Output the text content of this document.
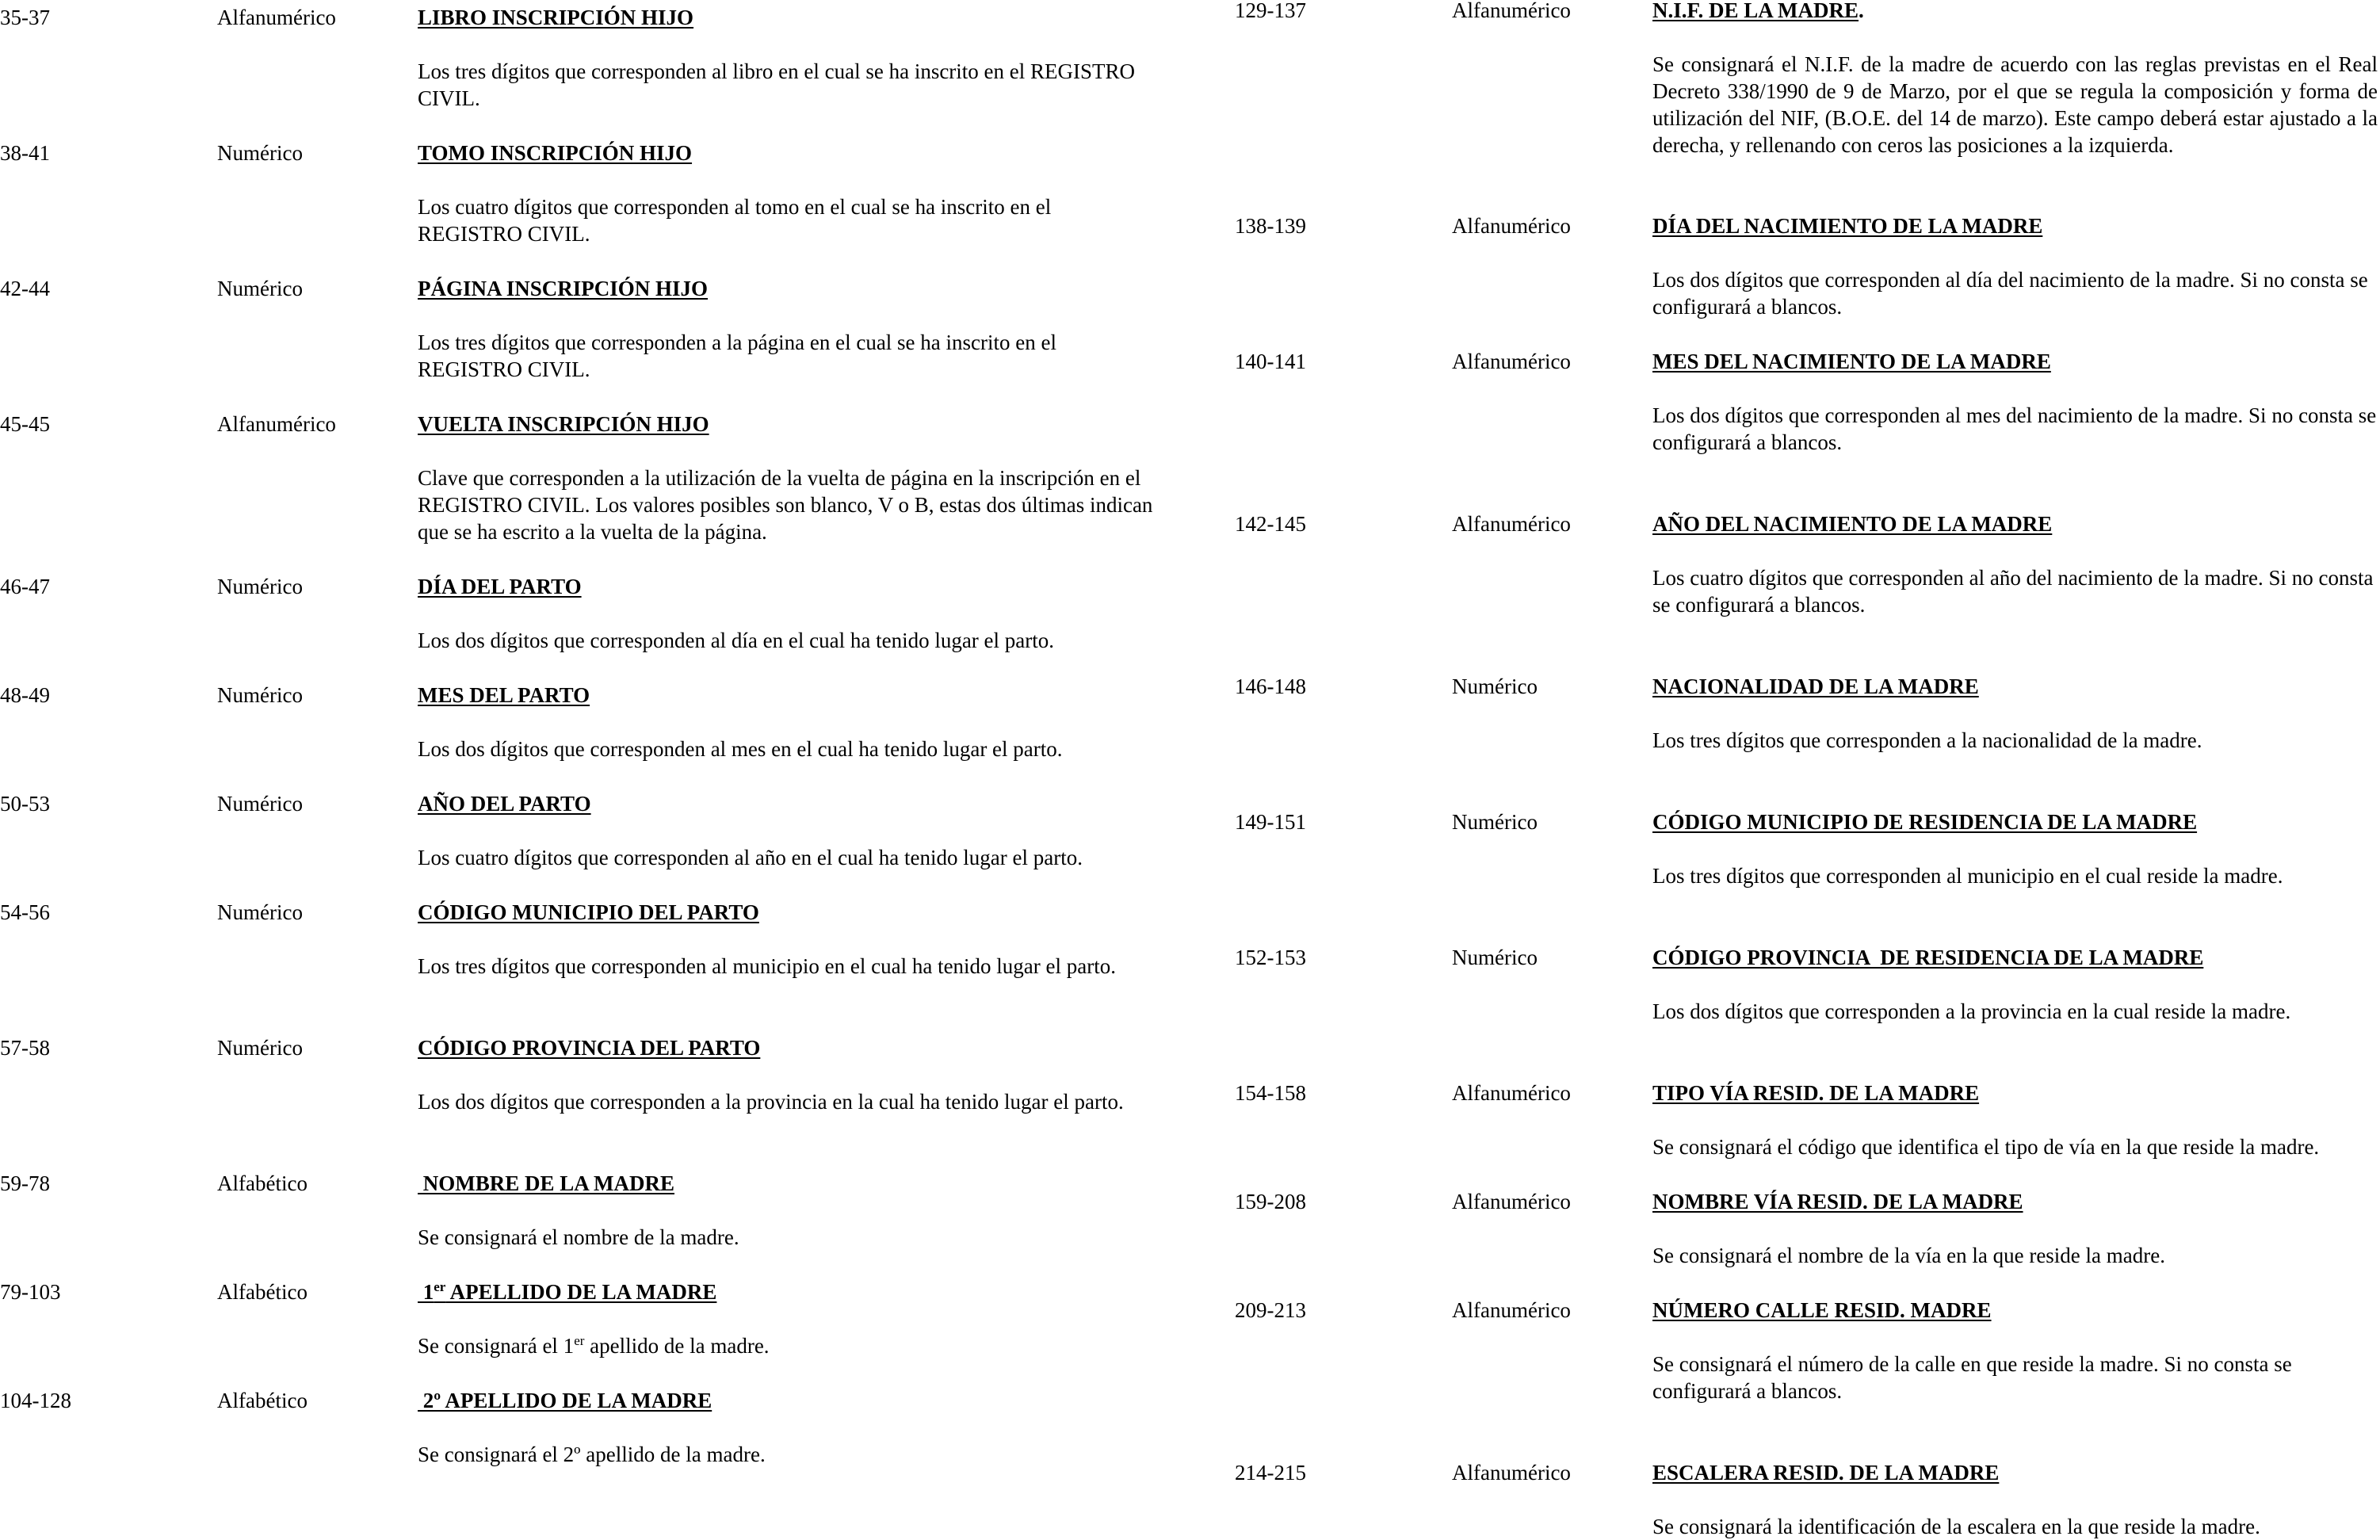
35-37	Alfanumérico	LIBRO INSCRIPCIÓN HIJO
Los tres dígitos que corresponden al libro en el cual se ha inscrito en el REGISTRO CIVIL.
38-41	Numérico	TOMO INSCRIPCIÓN HIJO
Los cuatro dígitos que corresponden al tomo en el cual se ha inscrito en el REGISTRO CIVIL.
42-44	Numérico	PÁGINA INSCRIPCIÓN HIJO
Los tres dígitos que corresponden a la página en el cual se ha inscrito en el REGISTRO CIVIL.
45-45	Alfanumérico	VUELTA INSCRIPCIÓN HIJO
Clave que corresponden a la utilización de la vuelta de página en la inscripción en el REGISTRO CIVIL. Los valores posibles son blanco, V o B, estas dos últimas indican que se ha escrito a la vuelta de la página.
46-47	Numérico	DÍA DEL PARTO
Los dos dígitos que corresponden al día en el cual ha tenido lugar el parto.
48-49	Numérico	MES DEL PARTO
Los dos dígitos que corresponden al mes en el cual ha tenido lugar el parto.
50-53	Numérico	AÑO DEL PARTO
Los cuatro dígitos que corresponden al año en el cual ha tenido lugar el parto.
54-56	Numérico	CÓDIGO MUNICIPIO DEL PARTO
Los tres dígitos que corresponden al municipio en el cual ha tenido lugar el parto.
57-58	Numérico	CÓDIGO PROVINCIA DEL PARTO
Los dos dígitos que corresponden a la provincia en la cual ha tenido lugar el parto.
59-78	Alfabético	NOMBRE DE LA MADRE
Se consignará el nombre de la madre.
79-103	Alfabético	1er APELLIDO DE LA MADRE
Se consignará el 1er apellido de la madre.
104-128	Alfabético	2º APELLIDO DE LA MADRE
Se consignará el 2º apellido de la madre.
129-137	Alfanumérico	N.I.F. DE LA MADRE.
Se consignará el N.I.F. de la madre de acuerdo con las reglas previstas en el Real Decreto 338/1990 de 9 de Marzo, por el que se regula la composición y forma de utilización del NIF, (B.O.E. del 14 de marzo). Este campo deberá estar ajustado a la derecha, y rellenando con ceros las posiciones a la izquierda.
138-139	Alfanumérico	DÍA DEL NACIMIENTO DE LA MADRE
Los dos dígitos que corresponden al día del nacimiento de la madre. Si no consta se configurará a blancos.
140-141	Alfanumérico	MES DEL NACIMIENTO DE LA MADRE
Los dos dígitos que corresponden al mes del nacimiento de la madre. Si no consta se configurará a blancos.
142-145	Alfanumérico	AÑO DEL NACIMIENTO DE LA MADRE
Los cuatro dígitos que corresponden al año del nacimiento de la madre. Si no consta se configurará a blancos.
146-148	Numérico	NACIONALIDAD DE LA MADRE
Los tres dígitos que corresponden a la nacionalidad de la madre.
149-151	Numérico	CÓDIGO MUNICIPIO DE RESIDENCIA DE LA MADRE
Los tres dígitos que corresponden al municipio en el cual reside la madre.
152-153	Numérico	CÓDIGO PROVINCIA  DE RESIDENCIA DE LA MADRE
Los dos dígitos que corresponden a la provincia en la cual reside la madre.
154-158	Alfanumérico	TIPO VÍA RESID. DE LA MADRE
Se consignará el código que identifica el tipo de vía en la que reside la madre.
159-208	Alfanumérico	NOMBRE VÍA RESID. DE LA MADRE
Se consignará el nombre de la vía en la que reside la madre.
209-213	Alfanumérico	NÚMERO CALLE RESID. MADRE
Se consignará el número de la calle en que reside la madre. Si no consta se configurará a blancos.
214-215	Alfanumérico	ESCALERA RESID. DE LA MADRE
Se consignará la identificación de la escalera en la que reside la madre.
